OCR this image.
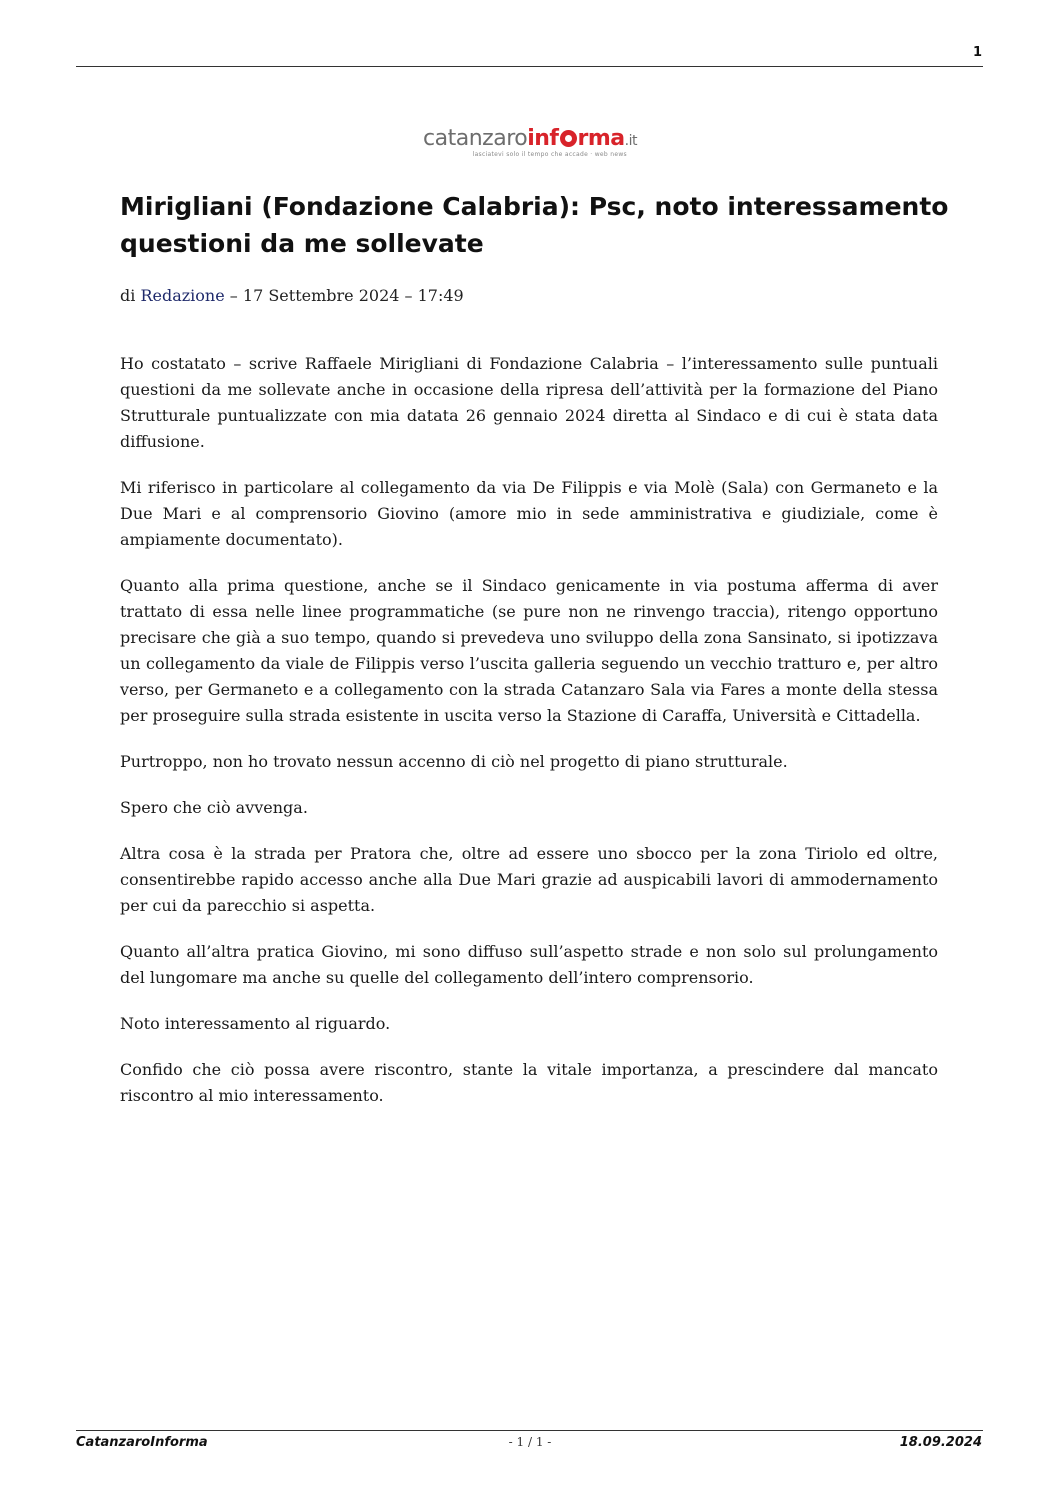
1
catanzaroinf rma.it
lasciatevi solo il tempo che accade · web news
Mirigliani (Fondazione Calabria): Psc, noto interessamento questioni da me sollevate
di Redazione – 17 Settembre 2024 – 17:49

Ho costatato – scrive Raffaele Mirigliani di Fondazione Calabria – l’interessamento sulle puntuali questioni da me sollevate anche in occasione della ripresa dell’attività per la formazione del Piano Strutturale puntualizzate con mia datata 26 gennaio 2024 diretta al Sindaco e di cui è stata data diffusione.

Mi riferisco in particolare al collegamento da via De Filippis e via Molè (Sala) con Germaneto e la Due Mari e al comprensorio Giovino (amore mio in sede amministrativa e giudiziale, come è ampiamente documentato).

Quanto alla prima questione, anche se il Sindaco genicamente in via postuma afferma di aver trattato di essa nelle linee programmatiche (se pure non ne rinvengo traccia), ritengo opportuno precisare che già a suo tempo, quando si prevedeva uno sviluppo della zona Sansinato, si ipotizzava un collegamento da viale de Filippis verso l’uscita galleria seguendo un vecchio tratturo e, per altro verso, per Germaneto e a collegamento con la strada Catanzaro Sala via Fares a monte della stessa per proseguire sulla strada esistente in uscita verso la Stazione di Caraffa, Università e Cittadella.

Purtroppo, non ho trovato nessun accenno di ciò nel progetto di piano strutturale.

Spero che ciò avvenga.

Altra cosa è la strada per Pratora che, oltre ad essere uno sbocco per la zona Tiriolo ed oltre, consentirebbe rapido accesso anche alla Due Mari grazie ad auspicabili lavori di ammodernamento per cui da parecchio si aspetta.

Quanto all’altra pratica Giovino, mi sono diffuso sull’aspetto strade e non solo sul prolungamento del lungomare ma anche su quelle del collegamento dell’intero comprensorio.

Noto interessamento al riguardo.

Confido che ciò possa avere riscontro, stante la vitale importanza, a prescindere dal mancato riscontro al mio interessamento.

CatanzaroInforma	- 1 / 1 -	18.09.2024
